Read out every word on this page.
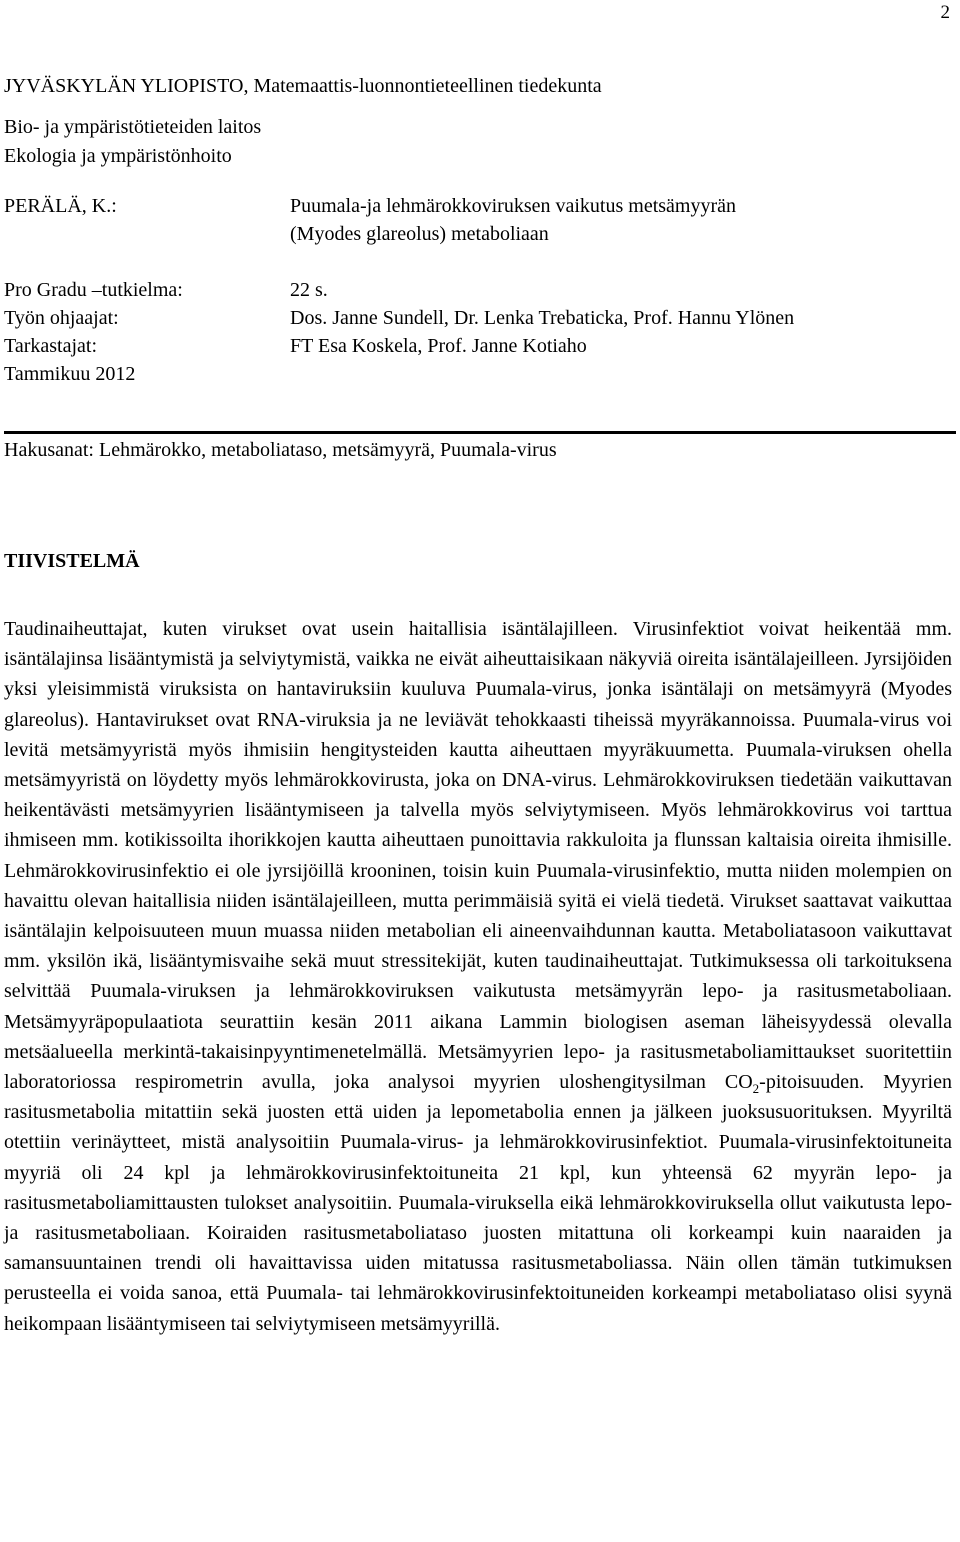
2
JYVÄSKYLÄN YLIOPISTO, Matemaattis-luonnontieteellinen tiedekunta
Bio- ja ympäristötieteiden laitos
Ekologia ja ympäristönhoito
PERÄLÄ, K.:	Puumala-ja lehmärokkoviruksen vaikutus metsämyyrän
(Myodes glareolus) metaboliaan
Pro Gradu –tutkielma:	22 s.
Työn ohjaajat:	Dos. Janne Sundell, Dr. Lenka Trebaticka, Prof. Hannu Ylönen
Tarkastajat:	FT Esa Koskela, Prof. Janne Kotiaho
Tammikuu 2012
Hakusanat: Lehmärokko, metaboliataso, metsämyyrä, Puumala-virus
TIIVISTELMÄ

Taudinaiheuttajat, kuten virukset ovat usein haitallisia isäntälajilleen. Virusinfektiot voivat heikentää mm. isäntälajinsa lisääntymistä ja selviytymistä, vaikka ne eivät aiheuttaisikaan näkyviä oireita isäntälajeilleen. Jyrsijöiden yksi yleisimmistä viruksista on hantaviruksiin kuuluva Puumala-virus, jonka isäntälaji on metsämyyrä (Myodes glareolus). Hantavirukset ovat RNA-viruksia ja ne leviävät tehokkaasti tiheissä myyräkannoissa. Puumala-virus voi levitä metsämyyristä myös ihmisiin hengitysteiden kautta aiheuttaen myyräkuumetta. Puumala-viruksen ohella metsämyyristä on löydetty myös lehmärokkovirusta, joka on DNA-virus. Lehmärokkoviruksen tiedetään vaikuttavan heikentävästi metsämyyrien lisääntymiseen ja talvella myös selviytymiseen. Myös lehmärokkovirus voi tarttua ihmiseen mm. kotikissoilta ihorikkojen kautta aiheuttaen punoittavia rakkuloita ja flunssan kaltaisia oireita ihmisille. Lehmärokkovirusinfektio ei ole jyrsijöillä krooninen, toisin kuin Puumala-virusinfektio, mutta niiden molempien on havaittu olevan haitallisia niiden isäntälajeilleen, mutta perimmäisiä syitä ei vielä tiedetä. Virukset saattavat vaikuttaa isäntälajin kelpoisuuteen muun muassa niiden metabolian eli aineenvaihdunnan kautta. Metaboliatasoon vaikuttavat mm. yksilön ikä, lisääntymisvaihe sekä muut stressitekijät, kuten taudinaiheuttajat. Tutkimuksessa oli tarkoituksena selvittää Puumala-viruksen ja lehmärokkoviruksen vaikutusta metsämyyrän lepo- ja rasitusmetaboliaan. Metsämyyräpopulaatiota seurattiin kesän 2011 aikana Lammin biologisen aseman läheisyydessä olevalla metsäalueella merkintä-takaisinpyyntimenetelmällä. Metsämyyrien lepo- ja rasitusmetaboliamittaukset suoritettiin laboratoriossa respirometrin avulla, joka analysoi myyrien uloshengitysilman $CO_2$-pitoisuuden. Myyrien rasitusmetabolia mitattiin sekä juosten että uiden ja lepometabolia ennen ja jälkeen juoksusuorituksen. Myyriltä otettiin verinäytteet, mistä analysoitiin Puumala-virus- ja lehmärokkovirusinfektiot. Puumala-virusinfektoituneita myyriä oli 24 kpl ja lehmärokkovirusinfektoituneita 21 kpl, kun yhteensä 62 myyrän lepo- ja rasitusmetaboliamittausten tulokset analysoitiin. Puumala-viruksella eikä lehmärokkoviruksella ollut vaikutusta lepo- ja rasitusmetaboliaan. Koiraiden rasitusmetaboliataso juosten mitattuna oli korkeampi kuin naaraiden ja samansuuntainen trendi oli havaittavissa uiden mitatussa rasitusmetaboliassa. Näin ollen tämän tutkimuksen perusteella ei voida sanoa, että Puumala- tai lehmärokkovirusinfektoituneiden korkeampi metaboliataso olisi syynä heikompaan lisääntymiseen tai selviytymiseen metsämyyrillä.
